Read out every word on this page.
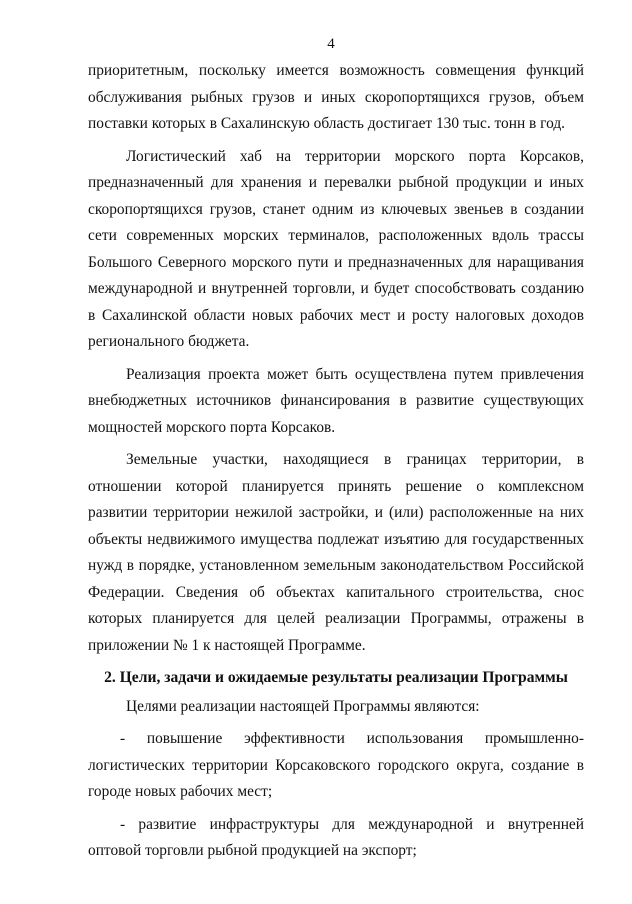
4

приоритетным, поскольку имеется возможность совмещения функций обслуживания рыбных грузов и иных скоропортящихся грузов, объем поставки которых в Сахалинскую область достигает 130 тыс. тонн в год.

Логистический хаб на территории морского порта Корсаков, предназначенный для хранения и перевалки рыбной продукции и иных скоропортящихся грузов, станет одним из ключевых звеньев в создании сети современных морских терминалов, расположенных вдоль трассы Большого Северного морского пути и предназначенных для наращивания международной и внутренней торговли, и будет способствовать созданию в Сахалинской области новых рабочих мест и росту налоговых доходов регионального бюджета.

Реализация проекта может быть осуществлена путем привлечения внебюджетных источников финансирования в развитие существующих мощностей морского порта Корсаков.

Земельные участки, находящиеся в границах территории, в отношении которой планируется принять решение о комплексном развитии территории нежилой застройки, и (или) расположенные на них объекты недвижимого имущества подлежат изъятию для государственных нужд в порядке, установленном земельным законодательством Российской Федерации. Сведения об объектах капитального строительства, снос которых планируется для целей реализации Программы, отражены в приложении № 1 к настоящей Программе.

2. Цели, задачи и ожидаемые результаты реализации Программы

Целями реализации настоящей Программы являются:

- повышение эффективности использования промышленно-логистических территории Корсаковского городского округа, создание в городе новых рабочих мест;

- развитие инфраструктуры для международной и внутренней оптовой торговли рыбной продукцией на экспорт;
